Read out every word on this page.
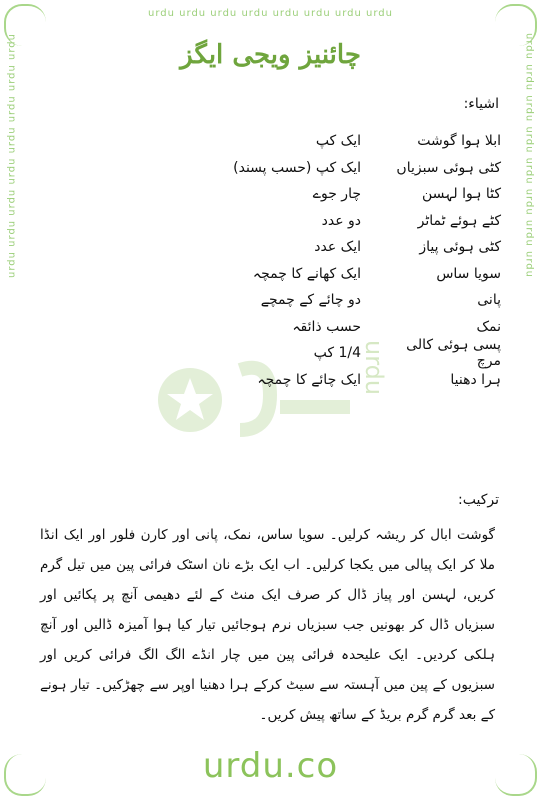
urdu urdu urdu urdu urdu urdu urdu urdu
urdu urdu urdu urdu urdu urdu urdu urdu	urdu urdu urdu urdu urdu urdu urdu urdu
چائنیز ویجی ایگز
اشیاء:
urdu
ابلا ہوا گوشت
ایک کپ
کٹی ہوئی سبزیاں
ایک کپ (حسب پسند)
کٹا ہوا لہسن
چار جوے
کٹے ہوئے ٹماٹر
دو عدد
کٹی ہوئی پیاز
ایک عدد
سویا ساس
ایک کھانے کا چمچہ
پانی
دو چائے کے چمچے
نمک
حسب ذائقہ
پسی ہوئی کالی مرچ
1/4 کپ
ہرا دھنیا
ایک چائے کا چمچہ
ترکیب:
گوشت ابال کر ریشہ کرلیں۔ سویا ساس، نمک، پانی اور کارن فلور اور ایک انڈا ملا کر ایک پیالی میں یکجا کرلیں۔ اب ایک بڑے نان اسٹک فرائی پین میں تیل گرم کریں، لہسن اور پیاز ڈال کر صرف ایک منٹ کے لئے دھیمی آنچ پر پکائیں اور سبزیاں ڈال کر بھونیں جب سبزیاں نرم ہوجائیں تیار کیا ہوا آمیزہ ڈالیں اور آنچ ہلکی کردیں۔ ایک علیحدہ فرائی پین میں چار انڈے الگ الگ فرائی کریں اور سبزیوں کے پین میں آہستہ سے سیٹ کرکے ہرا دھنیا اوپر سے چھڑکیں۔ تیار ہونے کے بعد گرم گرم بریڈ کے ساتھ پیش کریں۔
urdu.co
